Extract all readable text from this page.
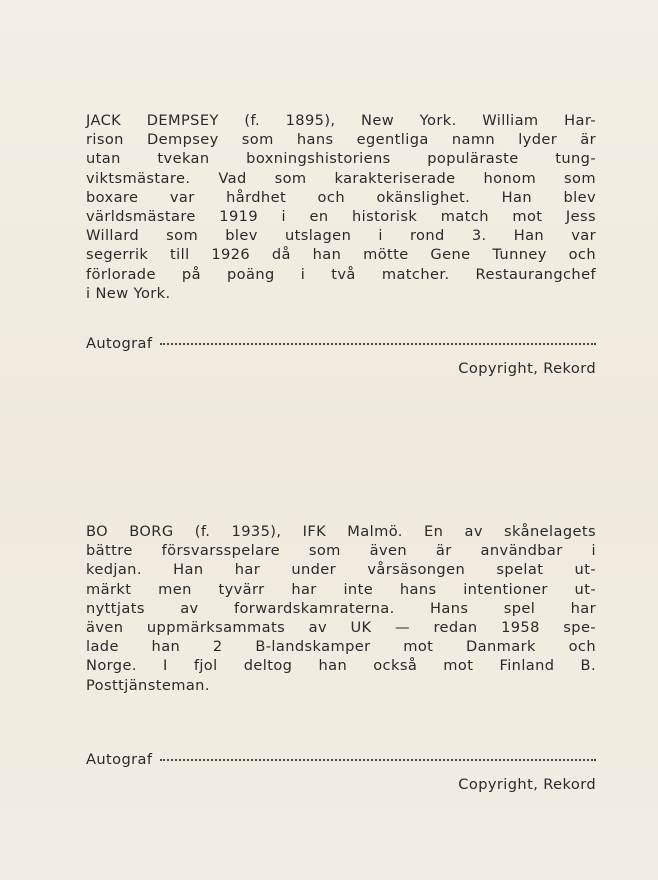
JACK DEMPSEY (f. 1895), New York. William Har-

rison Dempsey som hans egentliga namn lyder är

utan tvekan boxningshistoriens populäraste tung-

viktsmästare. Vad som karakteriserade honom som

boxare var hårdhet och okänslighet. Han blev

världsmästare 1919 i en historisk match mot Jess

Willard som blev utslagen i rond 3. Han var

segerrik till 1926 då han mötte Gene Tunney och

förlorade på poäng i två matcher. Restaurangchef

i New York.

Autograf
Copyright, Rekord

BO BORG (f. 1935), IFK Malmö. En av skånelagets

bättre försvarsspelare som även är användbar i

kedjan. Han har under vårsäsongen spelat ut-

märkt men tyvärr har inte hans intentioner ut-

nyttjats av forwardskamraterna. Hans spel har

även uppmärksammats av UK — redan 1958 spe-

lade han 2 B-landskamper mot Danmark och

Norge. I fjol deltog han också mot Finland B.

Posttjänsteman.

Autograf
Copyright, Rekord
